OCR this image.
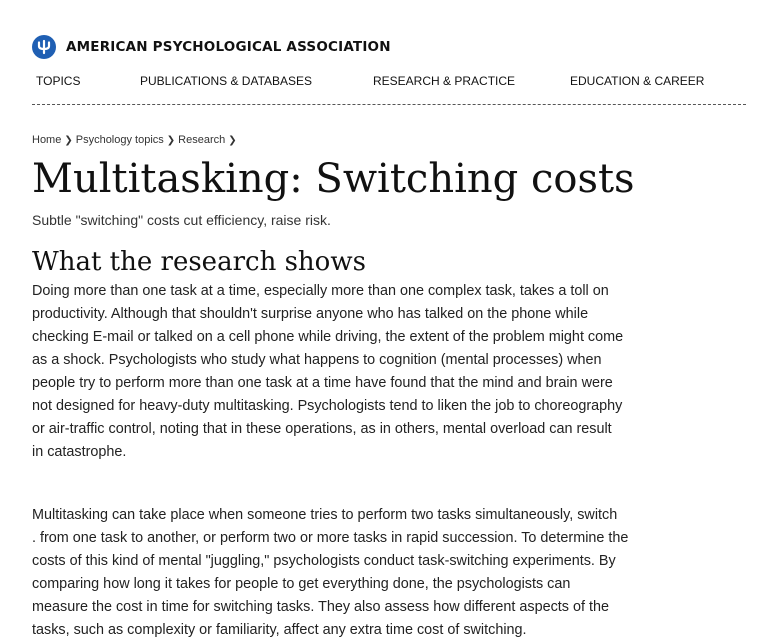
AMERICAN PSYCHOLOGICAL ASSOCIATION
TOPICS	PUBLICATIONS & DATABASES	RESEARCH & PRACTICE	EDUCATION & CAREER
Home ❯ Psychology topics ❯ Research ❯
Multitasking: Switching costs

Subtle "switching" costs cut efficiency, raise risk.

What the research shows

Doing more than one task at a time, especially more than one complex task, takes a toll on
productivity. Although that shouldn't surprise anyone who has talked on the phone while
checking E-mail or talked on a cell phone while driving, the extent of the problem might come
as a shock. Psychologists who study what happens to cognition (mental processes) when
people try to perform more than one task at a time have found that the mind and brain were
not designed for heavy-duty multitasking. Psychologists tend to liken the job to choreography
or air-traffic control, noting that in these operations, as in others, mental overload can result
in catastrophe.

Multitasking can take place when someone tries to perform two tasks simultaneously, switch
. from one task to another, or perform two or more tasks in rapid succession. To determine the
costs of this kind of mental "juggling," psychologists conduct task-switching experiments. By
comparing how long it takes for people to get everything done, the psychologists can
measure the cost in time for switching tasks. They also assess how different aspects of the
tasks, such as complexity or familiarity, affect any extra time cost of switching.
